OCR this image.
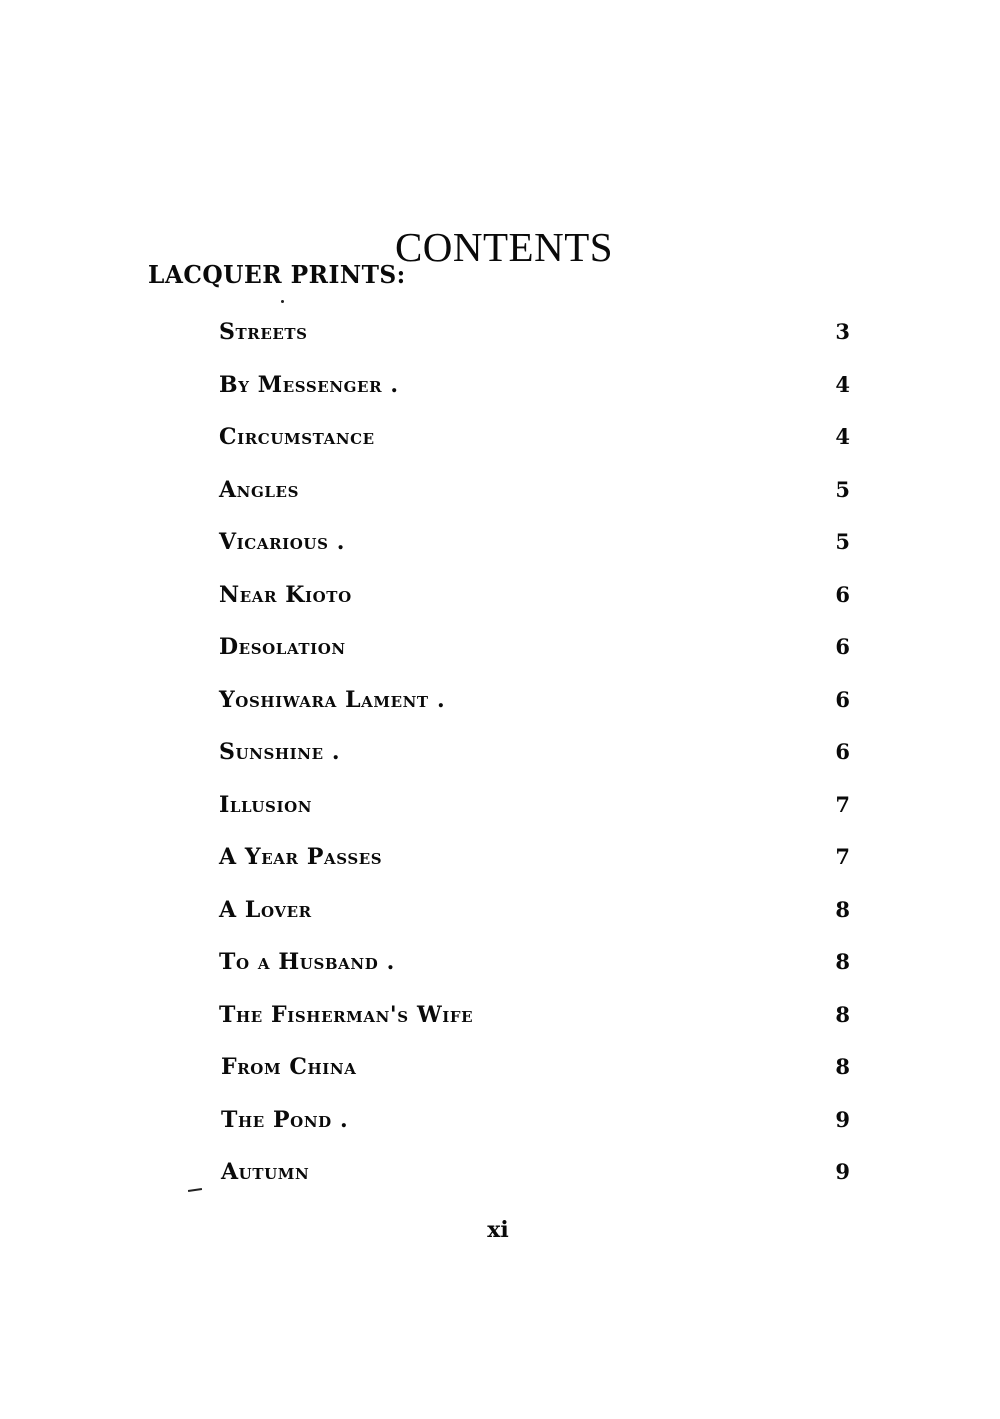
CONTENTS
LACQUER PRINTS:
Streets	3
By Messenger .	4
Circumstance	4
Angles	5
Vicarious .	5
Near Kioto	6
Desolation	6
Yoshiwara Lament .	6
Sunshine .	6
Illusion	7
A Year Passes	7
A Lover	8
To a Husband .	8
The Fisherman's Wife	8
From China	8
The Pond .	9
Autumn	9
xi
